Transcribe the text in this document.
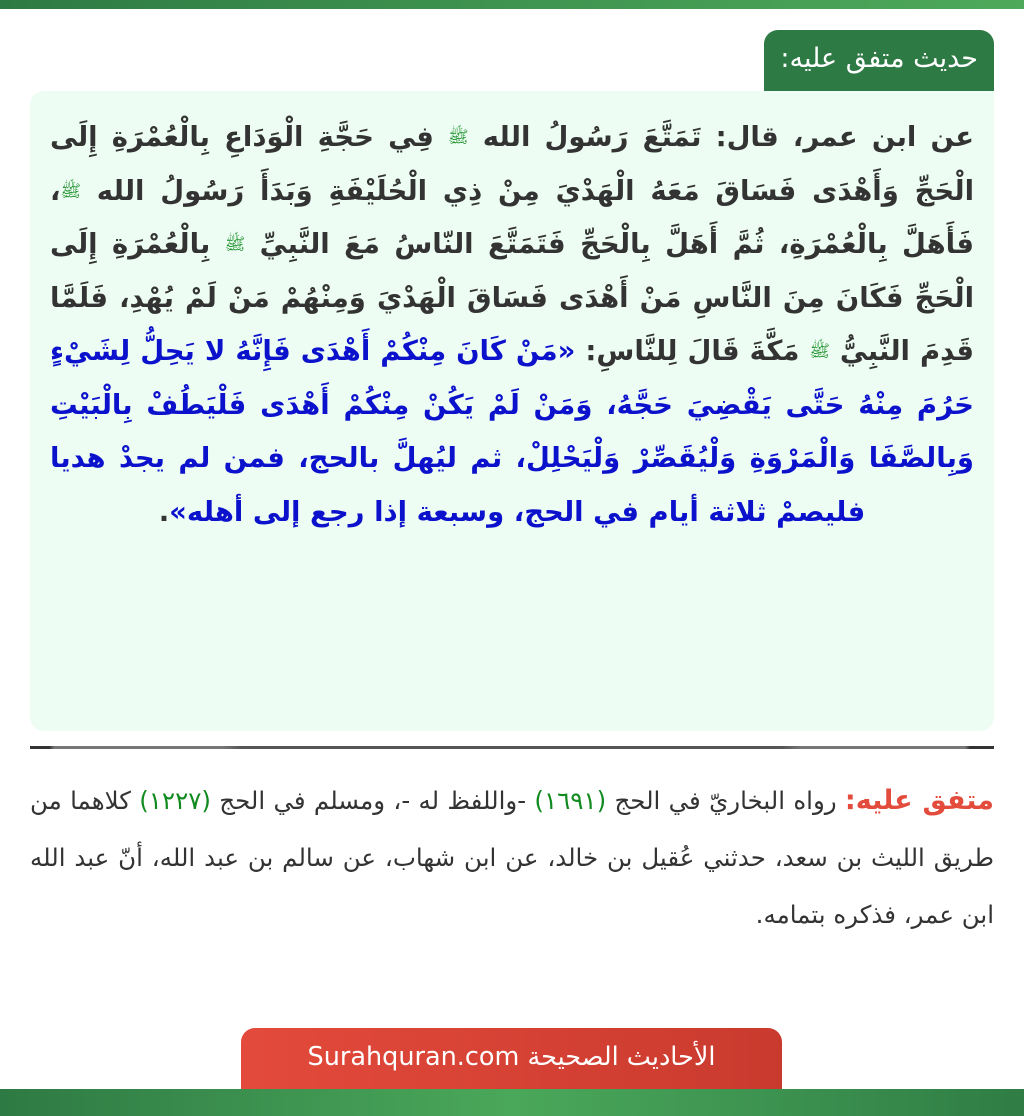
حديث متفق عليه:

عن ابن عمر، قال: تَمَتَّعَ رَسُولُ الله ﷺ فِي حَجَّةِ الْوَدَاعِ بِالْعُمْرَةِ إِلَى الْحَجِّ وَأَهْدَى فَسَاقَ مَعَهُ الْهَدْيَ مِنْ ذِي الْحُلَيْفَةِ وَبَدَأَ رَسُولُ الله ﷺ، فَأَهَلَّ بِالْعُمْرَةِ، ثُمَّ أَهَلَّ بِالْحَجِّ فَتَمَتَّعَ النّاسُ مَعَ النَّبِيِّ ﷺ بِالْعُمْرَةِ إِلَى الْحَجِّ فَكَانَ مِنَ النَّاسِ مَنْ أَهْدَى فَسَاقَ الْهَدْيَ وَمِنْهُمْ مَنْ لَمْ يُهْدِ، فَلَمَّا قَدِمَ النَّبِيُّ ﷺ مَكَّةَ قَالَ لِلنَّاسِ: «مَنْ كَانَ مِنْكُمْ أَهْدَى فَإِنَّهُ لا يَحِلُّ لِشَيْءٍ حَرُمَ مِنْهُ حَتَّى يَقْضِيَ حَجَّهُ، وَمَنْ لَمْ يَكُنْ مِنْكُمْ أَهْدَى فَلْيَطُفْ بِالْبَيْتِ وَبِالصَّفَا وَالْمَرْوَةِ وَلْيُقَصِّرْ وَلْيَحْلِلْ، ثم ليُهلَّ بالحج، فمن لم يجدْ هديا فليصمْ ثلاثة أيام في الحج، وسبعة إذا رجع إلى أهله».

متفق عليه: رواه البخاريّ في الحج (١٦٩١) -واللفظ له -، ومسلم في الحج (١٢٢٧) كلاهما من طريق الليث بن سعد، حدثني عُقيل بن خالد، عن ابن شهاب، عن سالم بن عبد الله، أنّ عبد الله ابن عمر، فذكره بتمامه.

الأحاديث الصحيحة Surahquran.com
